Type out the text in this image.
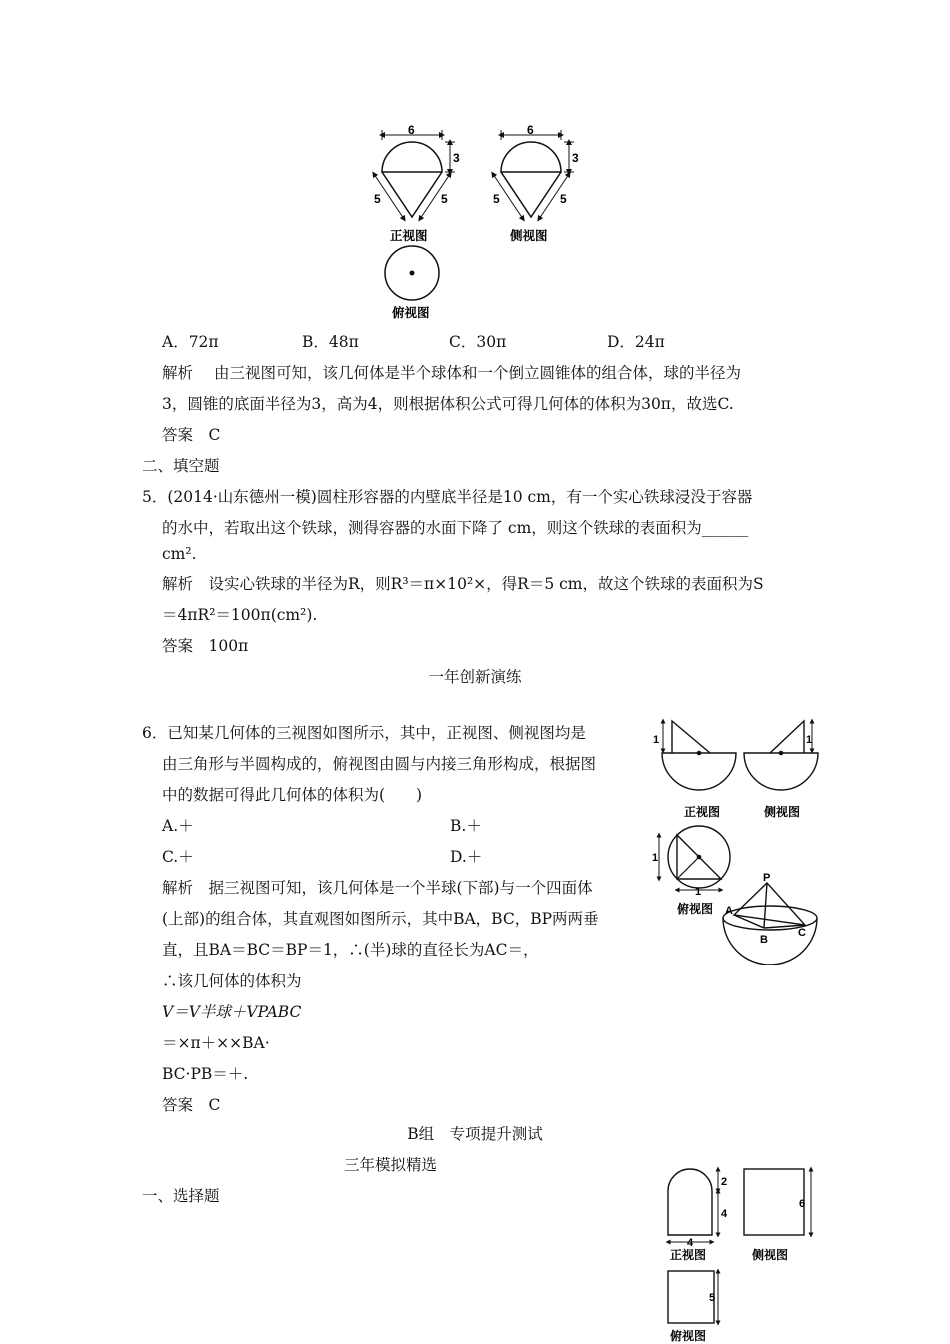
6
3
5	5
6
3
5	5
正视图	侧视图
俯视图
A．72π	B．48π	C．30π	D．24π
解析 由三视图可知，该几何体是半个球体和一个倒立圆锥体的组合体，球的半径为
3，圆锥的底面半径为3，高为4，则根据体积公式可得几何体的体积为30π，故选C.
答案　C
二、填空题
5．(2014·山东德州一模)圆柱形容器的内壁底半径是10 cm，有一个实心铁球浸没于容器
的水中，若取出这个铁球，测得容器的水面下降了 cm，则这个铁球的表面积为______
cm².
解析　设实心铁球的半径为R，则R³＝π×10²×，得R＝5 cm，故这个铁球的表面积为S
＝4πR²＝100π(cm²).
答案　100π
一年创新演练
6．已知某几何体的三视图如图所示，其中，正视图、侧视图均是
由三角形与半圆构成的，俯视图由圆与内接三角形构成，根据图
中的数据可得此几何体的体积为(　　)
A.＋	B.＋
C.＋	D.＋
解析　据三视图可知，该几何体是一个半球(下部)与一个四面体
(上部)的组合体，其直观图如图所示，其中BA，BC，BP两两垂
直，且BA＝BC＝BP＝1，∴(半)球的直径长为AC＝，
∴该几何体的体积为
V＝V半球＋VPABC
＝×π＋××BA·
BC·PB＝＋.
答案　C
1	1
正视图	侧视图
1
1
俯视图
P
A
B
C
B组　专项提升测试
三年模拟精选
一、选择题
2
4
4
正视图
6
侧视图
5
俯视图
